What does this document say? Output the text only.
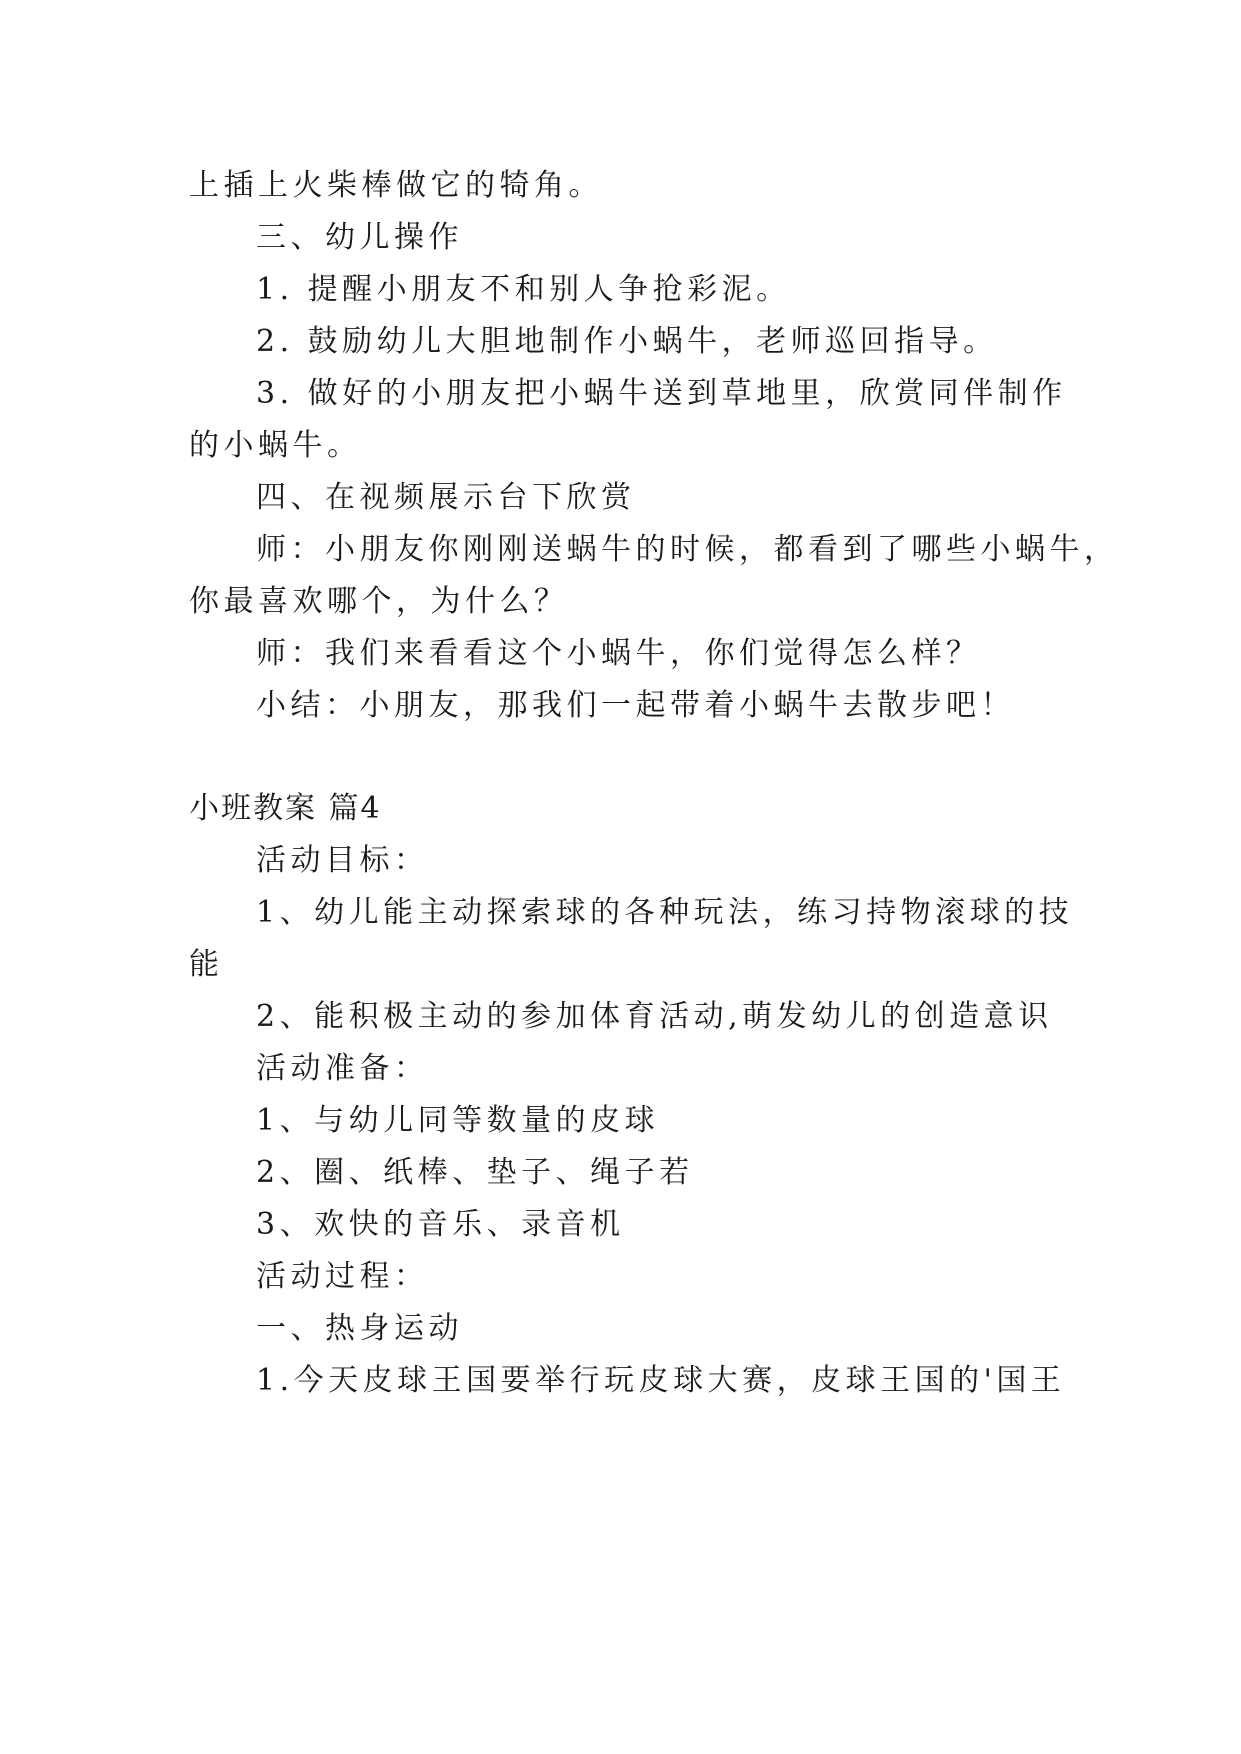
上插上火柴棒做它的犄角。
三、幼儿操作
1. 提醒小朋友不和别人争抢彩泥。
2. 鼓励幼儿大胆地制作小蜗牛，老师巡回指导。
3. 做好的小朋友把小蜗牛送到草地里，欣赏同伴制作
的小蜗牛。
四、在视频展示台下欣赏
师：小朋友你刚刚送蜗牛的时候，都看到了哪些小蜗牛，
你最喜欢哪个，为什么？
师：我们来看看这个小蜗牛，你们觉得怎么样？
小结：小朋友，那我们一起带着小蜗牛去散步吧！
小班教案 篇4
活动目标：
1、幼儿能主动探索球的各种玩法，练习持物滚球的技
能
2、能积极主动的参加体育活动,萌发幼儿的创造意识
活动准备：
1、与幼儿同等数量的皮球
2、圈、纸棒、垫子、绳子若
3、欢快的音乐、录音机
活动过程：
一、热身运动
1.今天皮球王国要举行玩皮球大赛，皮球王国的'国王
